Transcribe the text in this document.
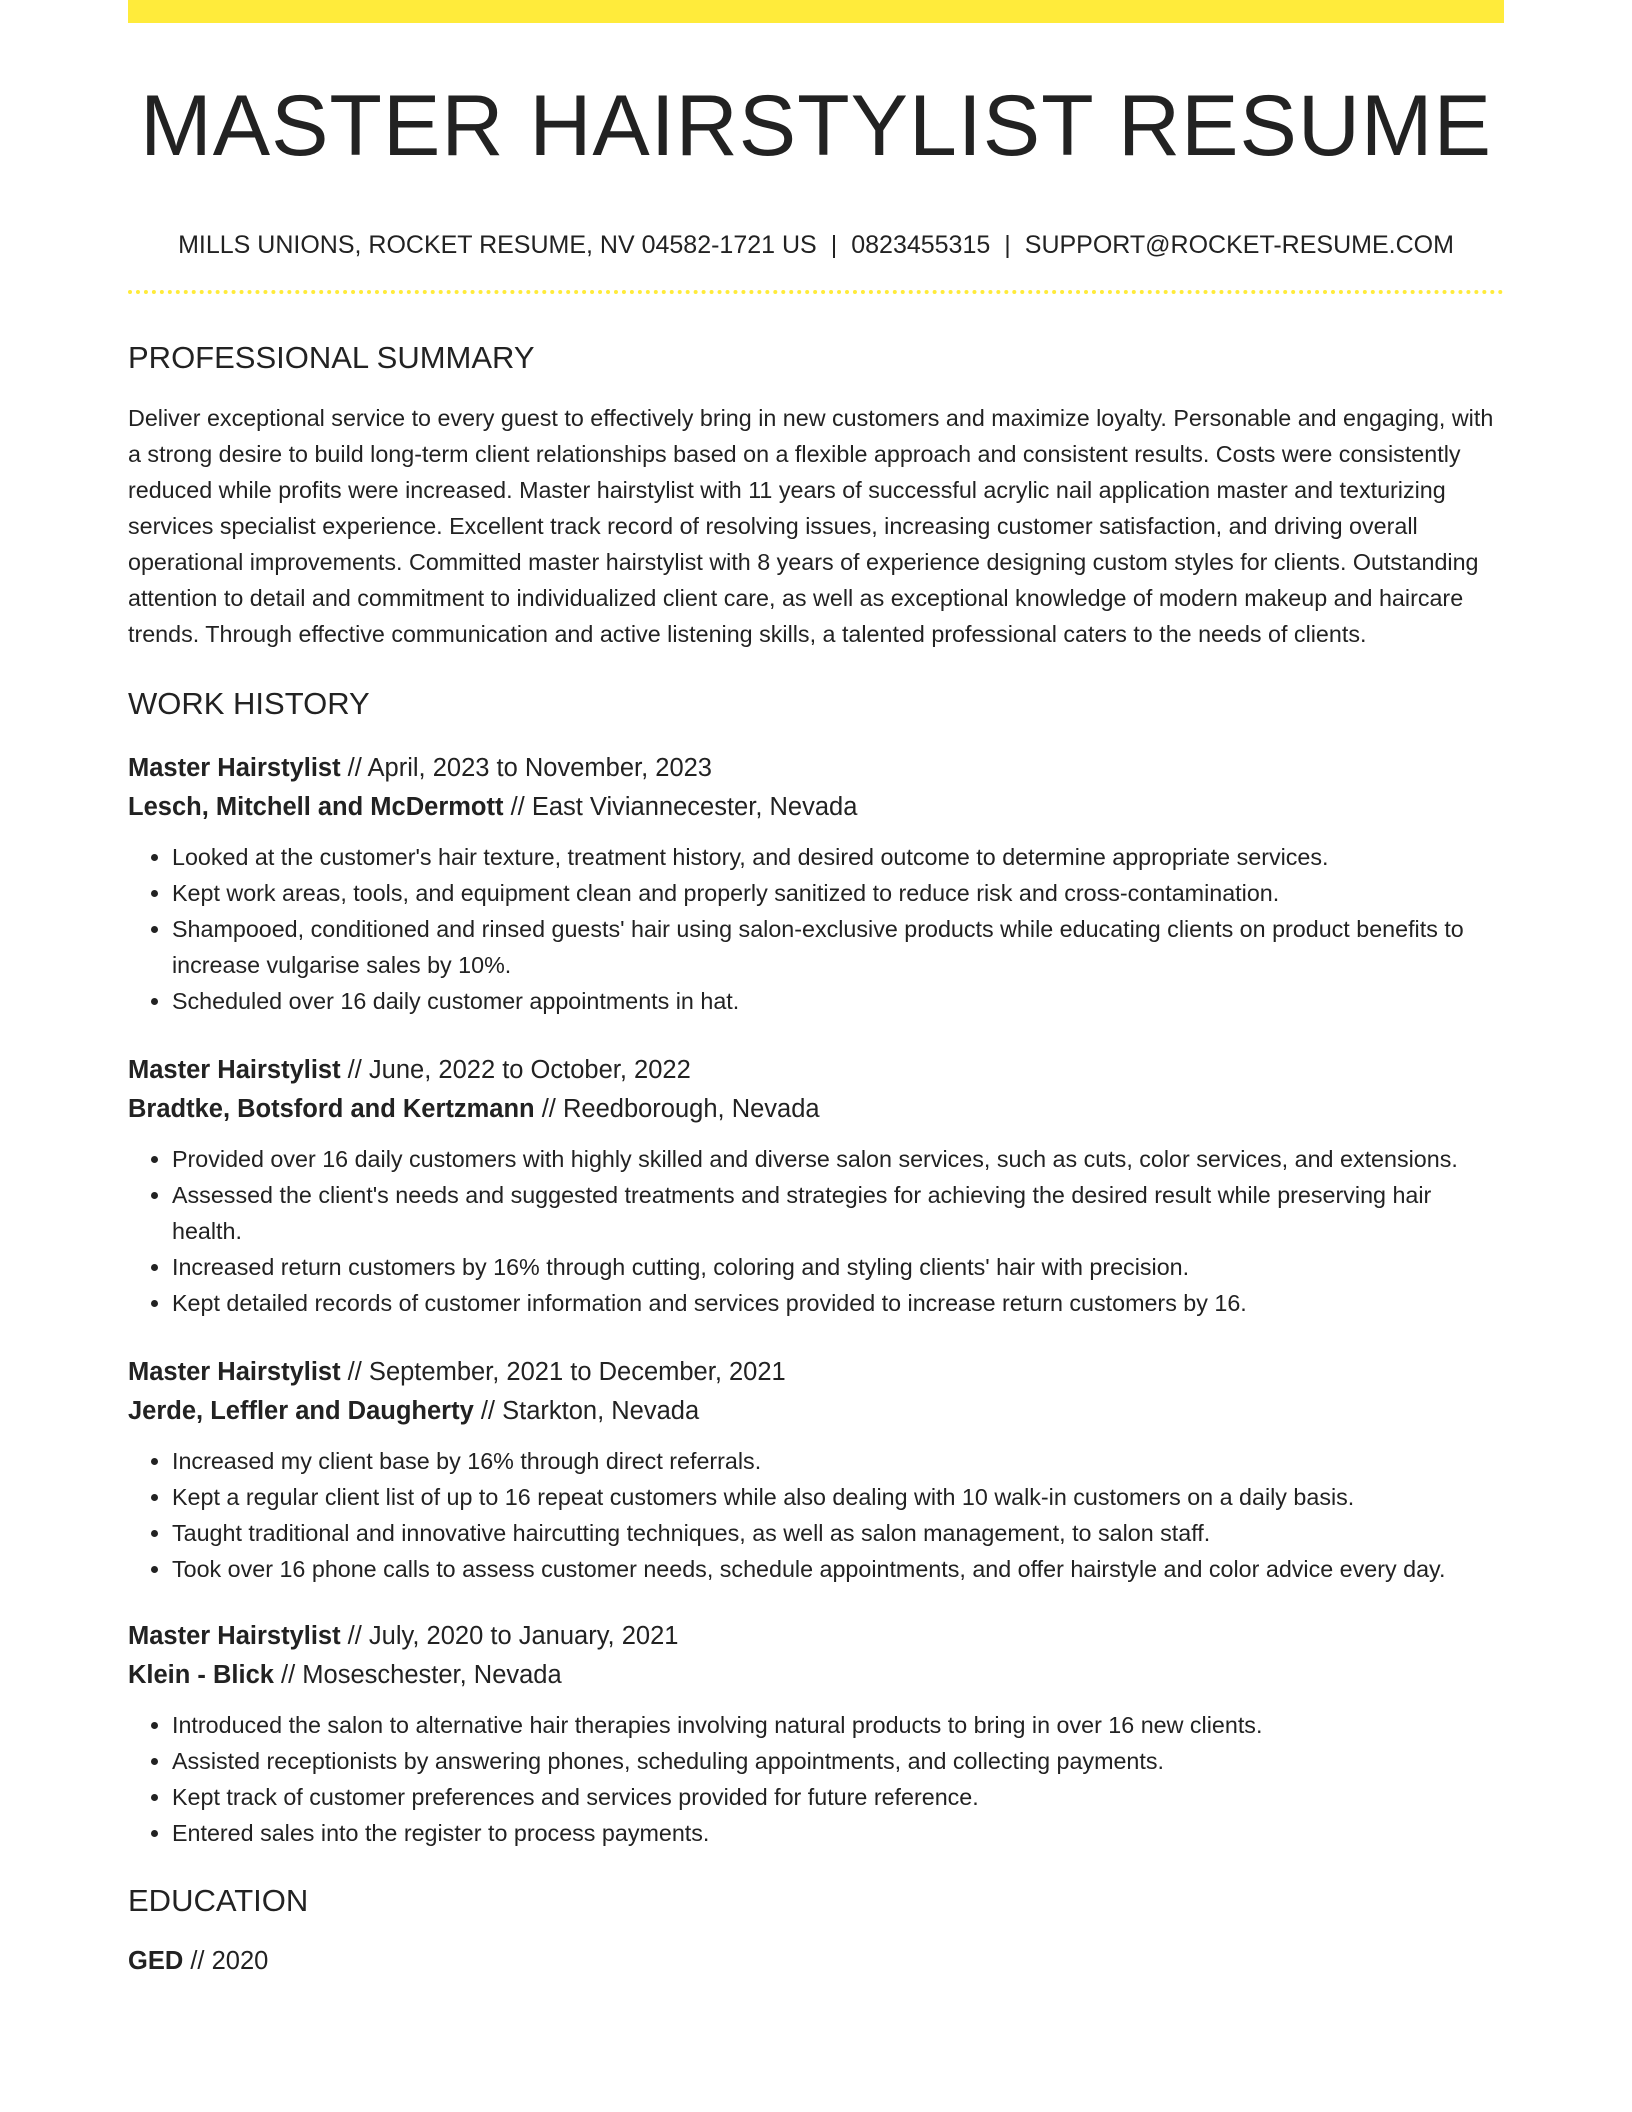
MASTER HAIRSTYLIST RESUME
MILLS UNIONS, ROCKET RESUME, NV 04582-1721 US | 0823455315 | SUPPORT@ROCKET-RESUME.COM
PROFESSIONAL SUMMARY

Deliver exceptional service to every guest to effectively bring in new customers and maximize loyalty. Personable and engaging, with a strong desire to build long-term client relationships based on a flexible approach and consistent results. Costs were consistently reduced while profits were increased. Master hairstylist with 11 years of successful acrylic nail application master and texturizing services specialist experience. Excellent track record of resolving issues, increasing customer satisfaction, and driving overall operational improvements. Committed master hairstylist with 8 years of experience designing custom styles for clients. Outstanding attention to detail and commitment to individualized client care, as well as exceptional knowledge of modern makeup and haircare trends. Through effective communication and active listening skills, a talented professional caters to the needs of clients.

WORK HISTORY
Master Hairstylist // April, 2023 to November, 2023
Lesch, Mitchell and McDermott // East Viviannecester, Nevada
• Looked at the customer's hair texture, treatment history, and desired outcome to determine appropriate services.
• Kept work areas, tools, and equipment clean and properly sanitized to reduce risk and cross-contamination.
• Shampooed, conditioned and rinsed guests' hair using salon-exclusive products while educating clients on product benefits to increase vulgarise sales by 10%.
• Scheduled over 16 daily customer appointments in hat.
Master Hairstylist // June, 2022 to October, 2022
Bradtke, Botsford and Kertzmann // Reedborough, Nevada
• Provided over 16 daily customers with highly skilled and diverse salon services, such as cuts, color services, and extensions.
• Assessed the client's needs and suggested treatments and strategies for achieving the desired result while preserving hair health.
• Increased return customers by 16% through cutting, coloring and styling clients' hair with precision.
• Kept detailed records of customer information and services provided to increase return customers by 16.
Master Hairstylist // September, 2021 to December, 2021
Jerde, Leffler and Daugherty // Starkton, Nevada
• Increased my client base by 16% through direct referrals.
• Kept a regular client list of up to 16 repeat customers while also dealing with 10 walk-in customers on a daily basis.
• Taught traditional and innovative haircutting techniques, as well as salon management, to salon staff.
• Took over 16 phone calls to assess customer needs, schedule appointments, and offer hairstyle and color advice every day.
Master Hairstylist // July, 2020 to January, 2021
Klein - Blick // Moseschester, Nevada
• Introduced the salon to alternative hair therapies involving natural products to bring in over 16 new clients.
• Assisted receptionists by answering phones, scheduling appointments, and collecting payments.
• Kept track of customer preferences and services provided for future reference.
• Entered sales into the register to process payments.
EDUCATION
GED // 2020
